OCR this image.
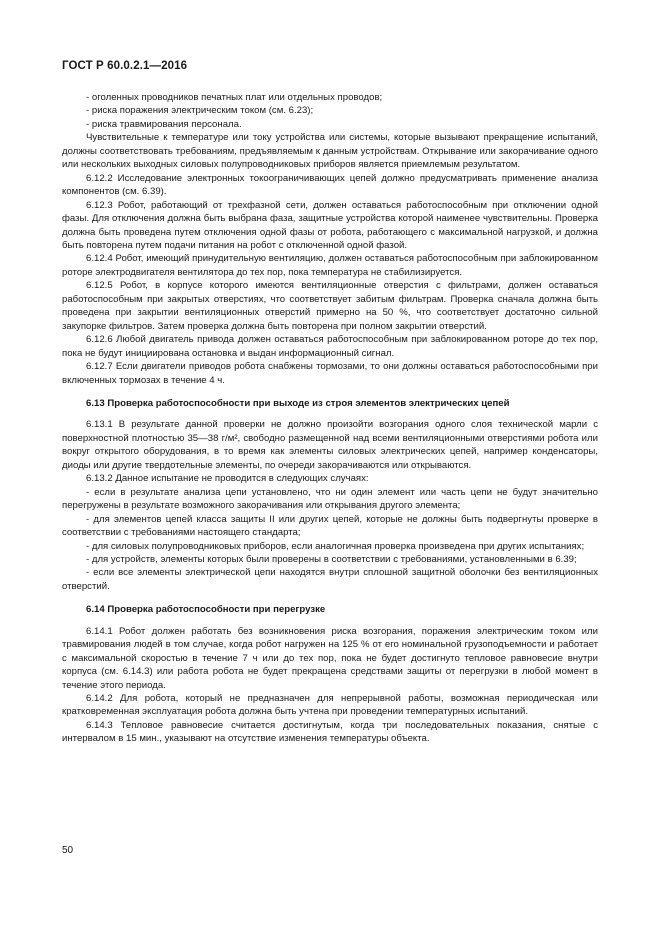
ГОСТ Р 60.0.2.1—2016

- оголенных проводников печатных плат или отдельных проводов;

- риска поражения электрическим током (см. 6.23);

- риска травмирования персонала.

Чувствительные к температуре или току устройства или системы, которые вызывают прекращение испытаний, должны соответствовать требованиям, предъявляемым к данным устройствам. Открывание или закорачивание одного или нескольких выходных силовых полупроводниковых приборов является приемлемым результатом.

6.12.2 Исследование электронных токоограничивающих цепей должно предусматривать применение анализа компонентов (см. 6.39).

6.12.3 Робот, работающий от трехфазной сети, должен оставаться работоспособным при отключении одной фазы. Для отключения должна быть выбрана фаза, защитные устройства которой наименее чувствительны. Проверка должна быть проведена путем отключения одной фазы от робота, работающего с максимальной нагрузкой, и должна быть повторена путем подачи питания на робот с отключенной одной фазой.

6.12.4 Робот, имеющий принудительную вентиляцию, должен оставаться работоспособным при заблокированном роторе электродвигателя вентилятора до тех пор, пока температура не стабилизируется.

6.12.5 Робот, в корпусе которого имеются вентиляционные отверстия с фильтрами, должен оставаться работоспособным при закрытых отверстиях, что соответствует забитым фильтрам. Проверка сначала должна быть проведена при закрытии вентиляционных отверстий примерно на 50 %, что соответствует достаточно сильной закупорке фильтров. Затем проверка должна быть повторена при полном закрытии отверстий.

6.12.6 Любой двигатель привода должен оставаться работоспособным при заблокированном роторе до тех пор, пока не будут инициирована остановка и выдан информационный сигнал.

6.12.7 Если двигатели приводов робота снабжены тормозами, то они должны оставаться работоспособными при включенных тормозах в течение 4 ч.

6.13 Проверка работоспособности при выходе из строя элементов электрических цепей

6.13.1 В результате данной проверки не должно произойти возгорания одного слоя технической марли с поверхностной плотностью 35—38 г/м², свободно размещенной над всеми вентиляционными отверстиями робота или вокруг открытого оборудования, в то время как элементы силовых электрических цепей, например конденсаторы, диоды или другие твердотельные элементы, по очереди закорачиваются или открываются.

6.13.2 Данное испытание не проводится в следующих случаях:

- если в результате анализа цепи установлено, что ни один элемент или часть цепи не будут значительно перегружены в результате возможного закорачивания или открывания другого элемента;

- для элементов цепей класса защиты II или других цепей, которые не должны быть подвергнуты проверке в соответствии с требованиями настоящего стандарта;

- для силовых полупроводниковых приборов, если аналогичная проверка произведена при других испытаниях;

- для устройств, элементы которых были проверены в соответствии с требованиями, установленными в 6.39;

- если все элементы электрической цепи находятся внутри сплошной защитной оболочки без вентиляционных отверстий.

6.14 Проверка работоспособности при перегрузке

6.14.1 Робот должен работать без возникновения риска возгорания, поражения электрическим током или травмирования людей в том случае, когда робот нагружен на 125 % от его номинальной грузоподъемности и работает с максимальной скоростью в течение 7 ч или до тех пор, пока не будет достигнуто тепловое равновесие внутри корпуса (см. 6.14.3) или работа робота не будет прекращена средствами защиты от перегрузки в любой момент в течение этого периода.

6.14.2 Для робота, который не предназначен для непрерывной работы, возможная периодическая или кратковременная эксплуатация робота должна быть учтена при проведении температурных испытаний.

6.14.3 Тепловое равновесие считается достигнутым, когда три последовательных показания, снятые с интервалом в 15 мин., указывают на отсутствие изменения температуры объекта.

50
